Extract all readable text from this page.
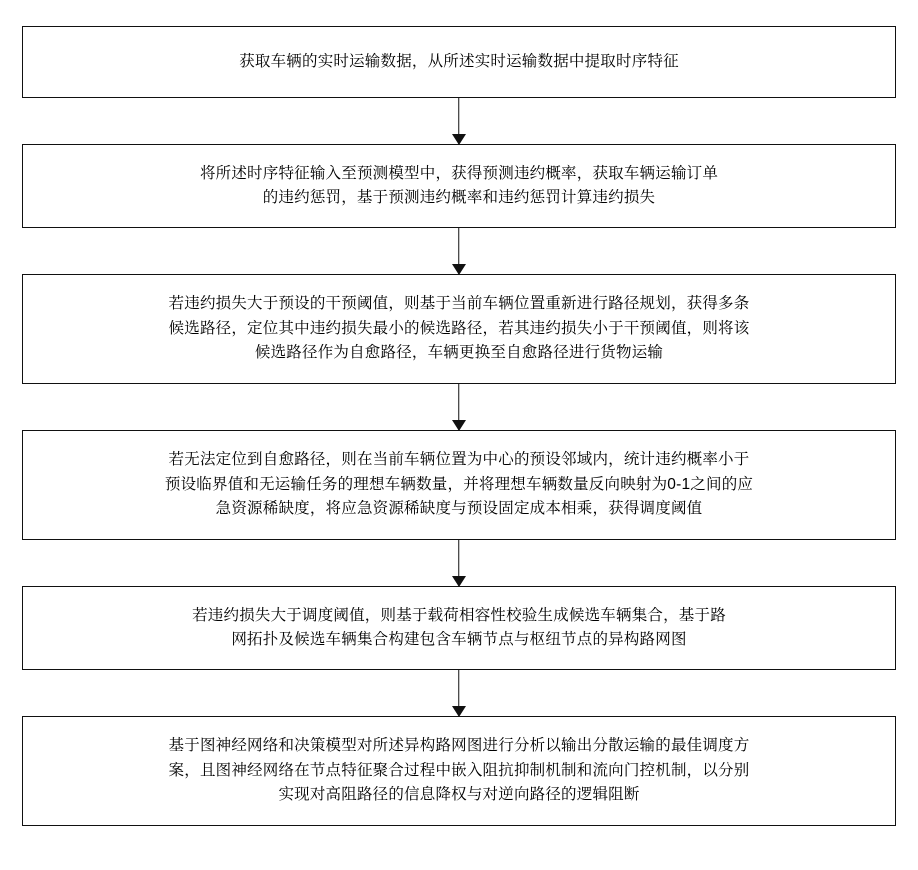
获取车辆的实时运输数据，从所述实时运输数据中提取时序特征
将所述时序特征输入至预测模型中，获得预测违约概率，获取车辆运输订单
的违约惩罚，基于预测违约概率和违约惩罚计算违约损失
若违约损失大于预设的干预阈值，则基于当前车辆位置重新进行路径规划，获得多条
候选路径，定位其中违约损失最小的候选路径，若其违约损失小于干预阈值，则将该
候选路径作为自愈路径，车辆更换至自愈路径进行货物运输
若无法定位到自愈路径，则在当前车辆位置为中心的预设邻域内，统计违约概率小于
预设临界值和无运输任务的理想车辆数量，并将理想车辆数量反向映射为0-1之间的应
急资源稀缺度，将应急资源稀缺度与预设固定成本相乘，获得调度阈值
若违约损失大于调度阈值，则基于载荷相容性校验生成候选车辆集合，基于路
网拓扑及候选车辆集合构建包含车辆节点与枢纽节点的异构路网图
基于图神经网络和决策模型对所述异构路网图进行分析以输出分散运输的最佳调度方
案，且图神经网络在节点特征聚合过程中嵌入阻抗抑制机制和流向门控机制，以分别
实现对高阻路径的信息降权与对逆向路径的逻辑阻断
